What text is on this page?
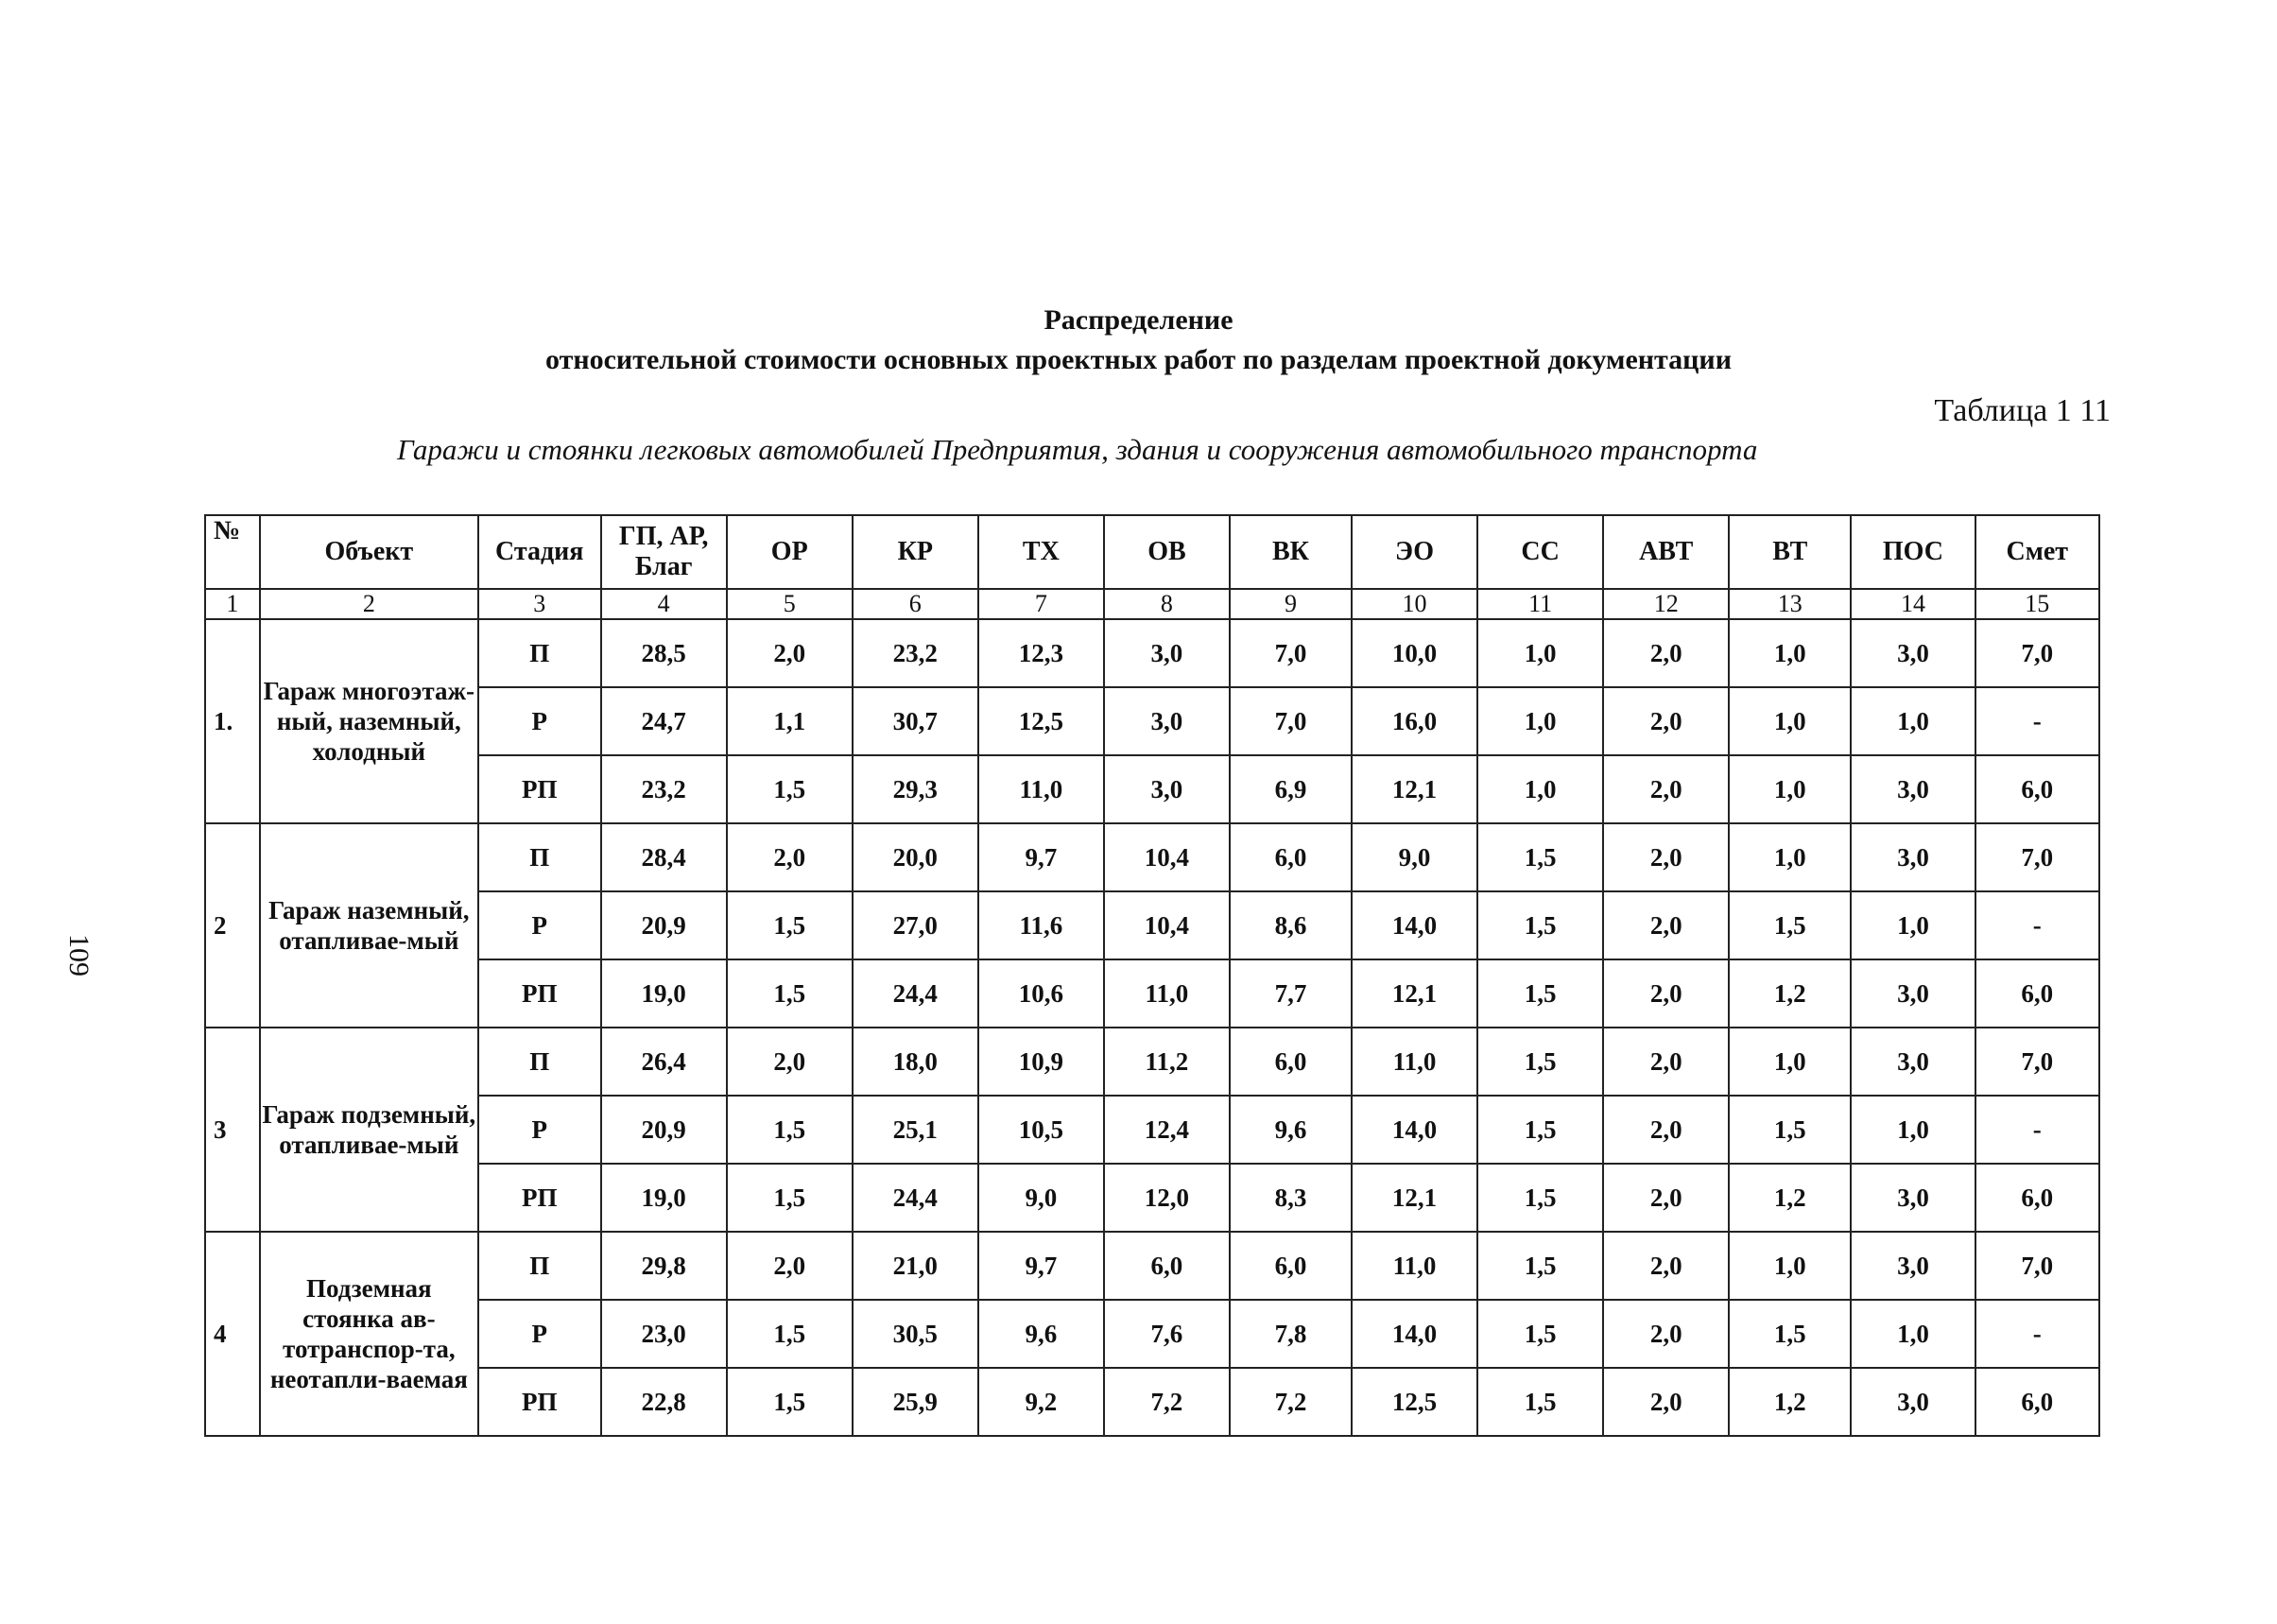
Распределение
относительной стоимости основных проектных работ по разделам проектной документации
Таблица 1 11
Гаражи и стоянки легковых автомобилей Предприятия, здания и сооружения автомобильного транспорта
109
№	Объект	Стадия	ГП, АР, Благ	ОР	КР	ТХ	ОВ	ВК	ЭО	СС	АВТ	ВТ	ПОС	Смет
1	2	3	4	5	6	7	8	9	10	11	12	13	14	15
1.	Гараж многоэтаж-ный, наземный, холодный	П	28,5	2,0	23,2	12,3	3,0	7,0	10,0	1,0	2,0	1,0	3,0	7,0
		Р	24,7	1,1	30,7	12,5	3,0	7,0	16,0	1,0	2,0	1,0	1,0	-
		РП	23,2	1,5	29,3	11,0	3,0	6,9	12,1	1,0	2,0	1,0	3,0	6,0
2	Гараж наземный, отапливае-мый	П	28,4	2,0	20,0	9,7	10,4	6,0	9,0	1,5	2,0	1,0	3,0	7,0
		Р	20,9	1,5	27,0	11,6	10,4	8,6	14,0	1,5	2,0	1,5	1,0	-
		РП	19,0	1,5	24,4	10,6	11,0	7,7	12,1	1,5	2,0	1,2	3,0	6,0
3	Гараж подземный, отапливае-мый	П	26,4	2,0	18,0	10,9	11,2	6,0	11,0	1,5	2,0	1,0	3,0	7,0
		Р	20,9	1,5	25,1	10,5	12,4	9,6	14,0	1,5	2,0	1,5	1,0	-
		РП	19,0	1,5	24,4	9,0	12,0	8,3	12,1	1,5	2,0	1,2	3,0	6,0
4	Подземная стоянка ав-тотранспор-та, неотапли-ваемая	П	29,8	2,0	21,0	9,7	6,0	6,0	11,0	1,5	2,0	1,0	3,0	7,0
		Р	23,0	1,5	30,5	9,6	7,6	7,8	14,0	1,5	2,0	1,5	1,0	-
		РП	22,8	1,5	25,9	9,2	7,2	7,2	12,5	1,5	2,0	1,2	3,0	6,0
